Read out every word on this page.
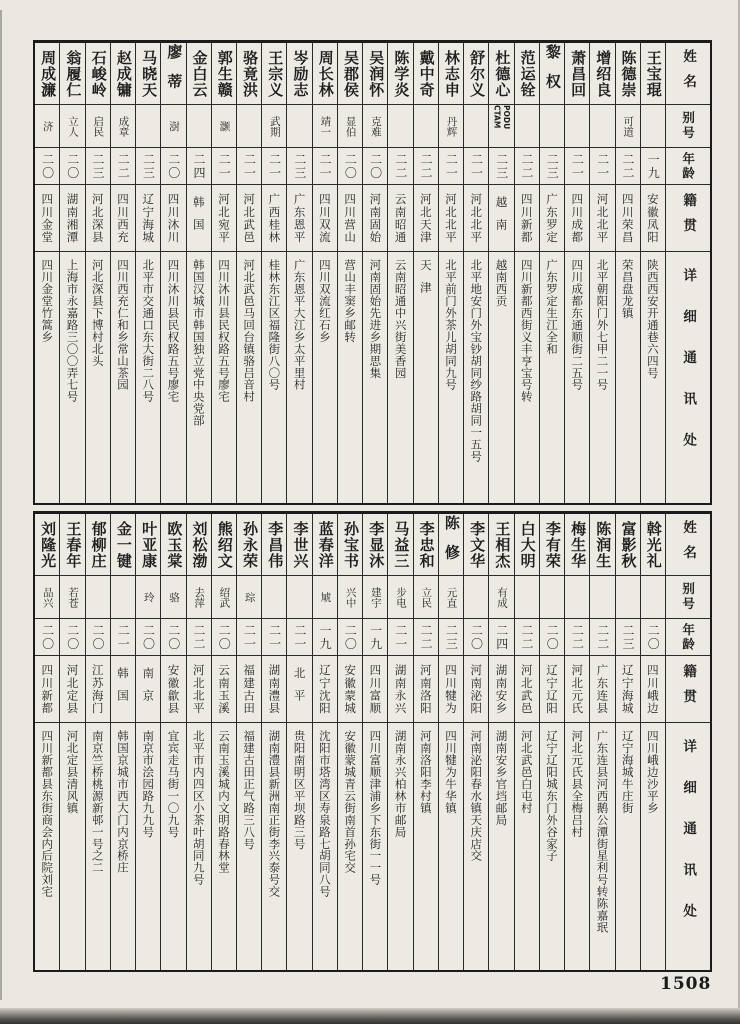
姓名
别号
年龄
籍贯
详细通讯处
王宝琨
一九
安徽凤阳
陕西西安开通巷六四号
陈德崇
可道
二二
四川荣昌
荣昌盘龙镇
增绍良
二一
河北北平
北平朝阳门外七甲二一号
萧昌回
二一
四川成都
四川成都东通顺街二五号
黎权
二三
广东罗定
广东罗定生江全和
范运铨
二二
四川新都
四川新都西街义丰亨宝号转
杜德心
PODU CTAM
二三
越南
越南西贡
舒尔义
二一
河北北平
北平地安门外宝钞胡同纱路胡同一五号
林志申
丹辉
二一
河北北平
北平前门外茶儿胡同九号
戴中奇
二二
河北天津
天津
陈学炎
二二
云南昭通
云南昭通中兴街美香园
吴润怀
克难
二〇
河南固始
河南固始先进乡期思集
吴郡侯
显伯
二〇
四川营山
营山丰窦乡邮转
周长林
靖一
二一
四川双流
四川双流红石乡
岑励志
二三
广东恩平
广东恩平大江乡太平里村
王宗义
武期
二一
广西桂林
桂林东江区福隆街八〇号
骆竟洪
二一
河北武邑
河北武邑马回台镇骆吕音村
郭生赣
灏
二一
河北宛平
四川沐川县民权路五号廖宅
金白云
二四
韩国
韩国汉城市韩国独立党中央党部
廖蒂
澍
二〇
四川沐川
四川沐川县民权路五号廖宅
马晓天
二三
辽宁海城
北平市交通口东大街二八号
赵成镛
成章
二二
四川西充
四川西充仁和乡常山茶园
石峻岭
启民
二三
河北深县
河北深县下博村北头
翁履仁
立人
二〇
湖南湘潭
上海市永嘉路三〇〇弄七号
周成濂
济
二〇
四川金堂
四川金堂竹篙乡
姓名
别号
年龄
籍贯
详细通讯处
斡光礼
二〇
四川峨边
四川峨边沙平乡
富影秋
二三
辽宁海城
辽宁海城牛庄街
陈润生
二二
广东连县
广东连县河西鹅公潭街星利号转陈嘉珉
梅生华
二二
河北元氏
河北元氏县全梅吕村
李有荣
二〇
辽宁辽阳
辽宁辽阳城东门外谷家子
白大明
二二
河北武邑
河北武邑白屯村
王相杰
有成
二四
湖南安乡
湖南安乡官垱邮局
李文华
二〇
河南泌阳
河南泌阳春水镇天庆店交
陈修
元直
二三
四川犍为
四川犍为牛华镇
李忠和
立民
二二
河南洛阳
河南洛阳李村镇
马益三
步电
二一
湖南永兴
湖南永兴柏林市邮局
李显沐
建宇
一九
四川富顺
四川富顺津浦乡下东街一一号
孙宝书
兴中
二〇
安徽蒙城
安徽蒙城青云街南首孙宅交
蓝春洋
虓
一九
辽宁沈阳
沈阳市塔湾区寿泉路七胡同八号
李世兴
二一
北平
贵阳南明区平坝路三号
李昌伟
二一
湖南澧县
湖南澧县新洲南正街李兴泰号交
孙永荣
琮
二一
福建古田
福建古田正气路三八号
熊绍文
绍武
二〇
云南玉溪
云南玉溪城内文明路春林堂
刘松渤
去萍
二二
河北北平
北平市内四区小茶叶胡同九号
欧玉棠
骆
二〇
安徽歙县
宜宾走马街一〇九号
叶亚康
玲
二〇
南京
南京市浍园路九九号
金一键
二一
韩国
韩国京城市西大门内京桥庄
郁柳庄
二〇
江苏海门
南京竺桥桃源新邨一号之二
王春年
若苍
二〇
河北定县
河北定县清风镇
刘隆光
品兴
二〇
四川新都
四川新都县东街商会内后院刘宅
1508
